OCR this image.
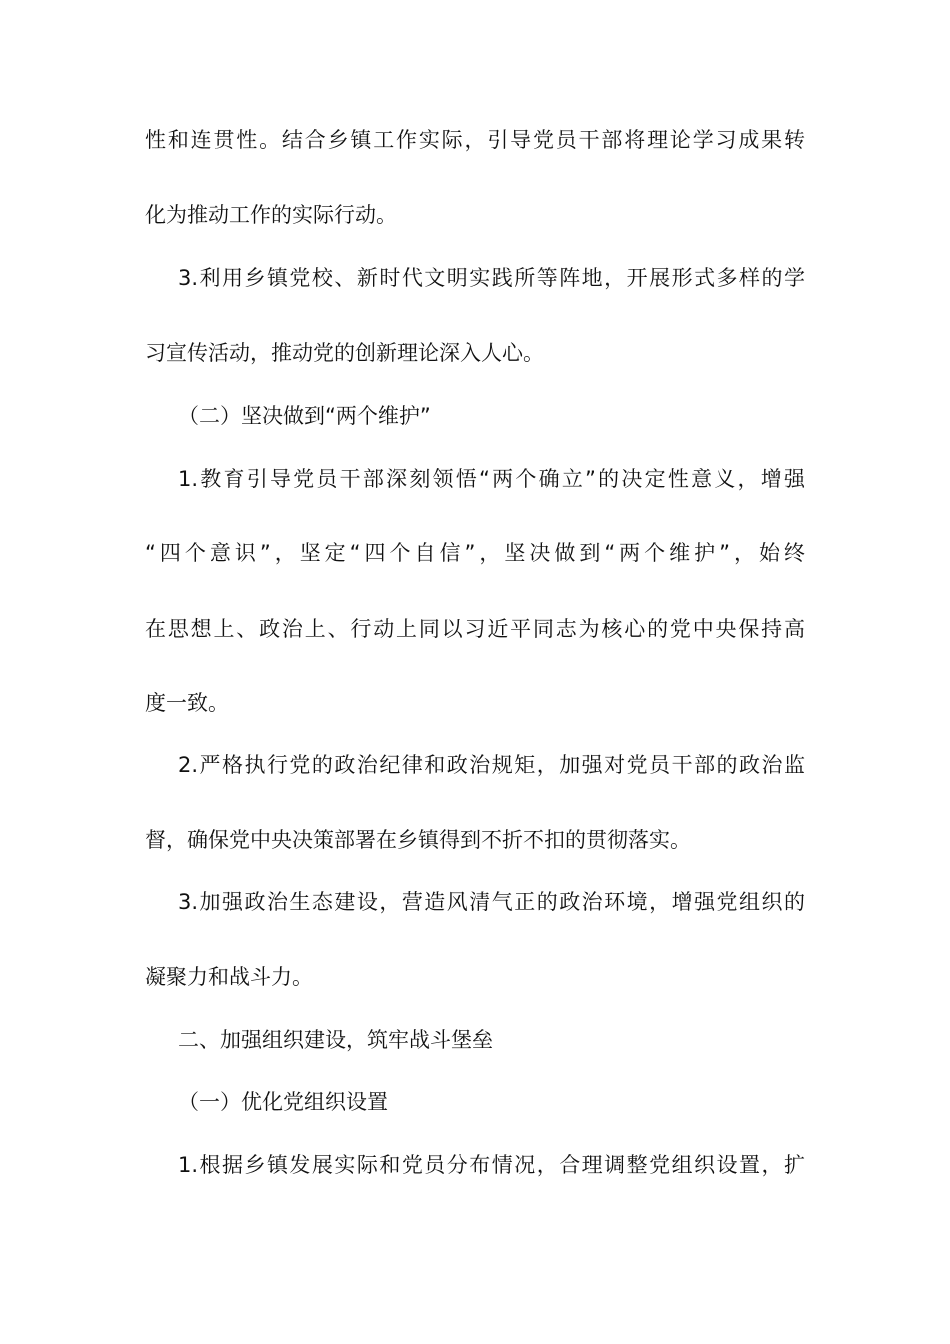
性和连贯性。结合乡镇工作实际，引导党员干部将理论学习成果转
化为推动工作的实际行动。
3.利用乡镇党校、新时代文明实践所等阵地，开展形式多样的学
习宣传活动，推动党的创新理论深入人心。
（二）坚决做到“两个维护”
1.教育引导党员干部深刻领悟“两个确立”的决定性意义，增强
“四个意识”，坚定“四个自信”，坚决做到“两个维护”，始终
在思想上、政治上、行动上同以习近平同志为核心的党中央保持高
度一致。
2.严格执行党的政治纪律和政治规矩，加强对党员干部的政治监
督，确保党中央决策部署在乡镇得到不折不扣的贯彻落实。
3.加强政治生态建设，营造风清气正的政治环境，增强党组织的
凝聚力和战斗力。
二、加强组织建设，筑牢战斗堡垒
（一）优化党组织设置
1.根据乡镇发展实际和党员分布情况，合理调整党组织设置，扩
